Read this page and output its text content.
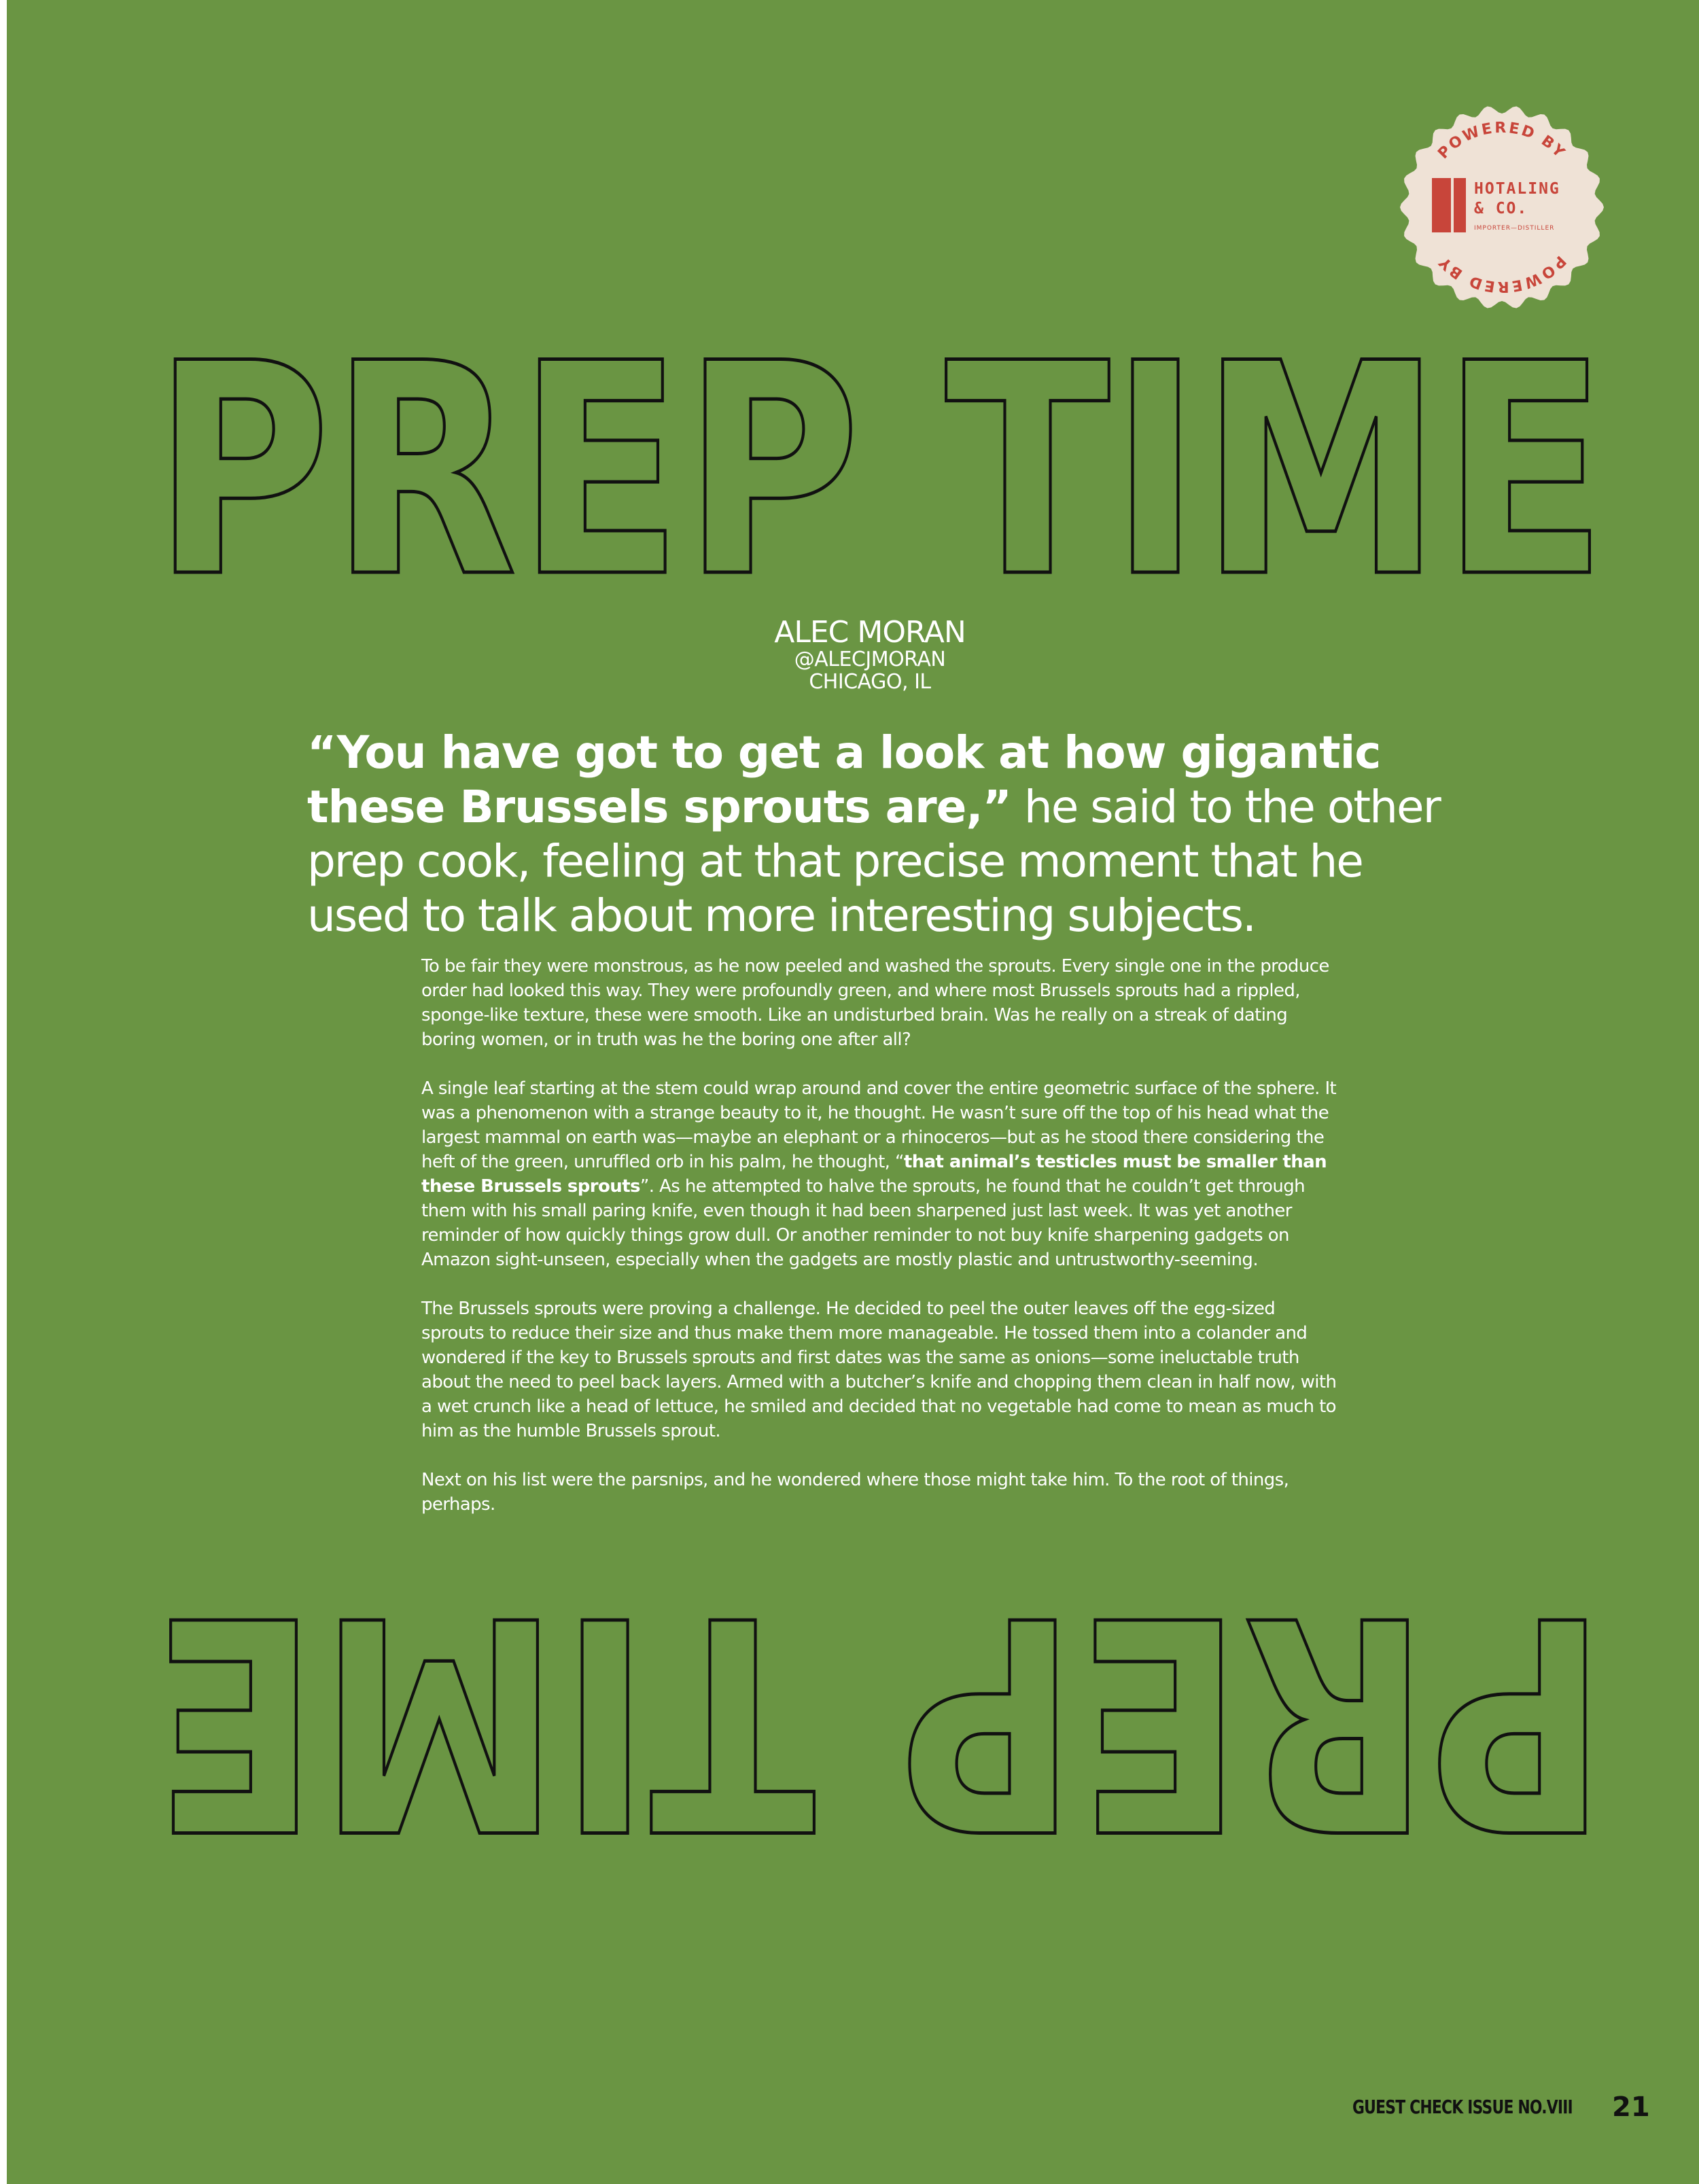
PREP TIME
PREP TIME
POWERED BY
POWERED BY
HOTALING
& CO.
IMPORTER—DISTILLER
ALEC MORAN
@ALECJMORAN
CHICAGO, IL
“You have got to get a look at how gigantic these Brussels sprouts are,” he said to the other prep cook, feeling at that precise moment that he used to talk about more interesting subjects.

To be fair they were monstrous, as he now peeled and washed the sprouts. Every single one in the produce order had looked this way. They were profoundly green, and where most Brussels sprouts had a rippled, sponge-like texture, these were smooth. Like an undisturbed brain. Was he really on a streak of dating boring women, or in truth was he the boring one after all?

A single leaf starting at the stem could wrap around and cover the entire geometric surface of the sphere. It was a phenomenon with a strange beauty to it, he thought. He wasn’t sure off the top of his head what the largest mammal on earth was—maybe an elephant or a rhinoceros—but as he stood there considering the heft of the green, unruffled orb in his palm, he thought, “that animal’s testicles must be smaller than these Brussels sprouts”. As he attempted to halve the sprouts, he found that he couldn’t get through them with his small paring knife, even though it had been sharpened just last week. It was yet another reminder of how quickly things grow dull. Or another reminder to not buy knife sharpening gadgets on Amazon sight-unseen, especially when the gadgets are mostly plastic and untrustworthy-seeming.

The Brussels sprouts were proving a challenge. He decided to peel the outer leaves off the egg-sized sprouts to reduce their size and thus make them more manageable. He tossed them into a colander and wondered if the key to Brussels sprouts and first dates was the same as onions—some ineluctable truth about the need to peel back layers. Armed with a butcher’s knife and chopping them clean in half now, with a wet crunch like a head of lettuce, he smiled and decided that no vegetable had come to mean as much to him as the humble Brussels sprout.

Next on his list were the parsnips, and he wondered where those might take him. To the root of things, perhaps.

GUEST CHECK ISSUE NO.VIII 21
